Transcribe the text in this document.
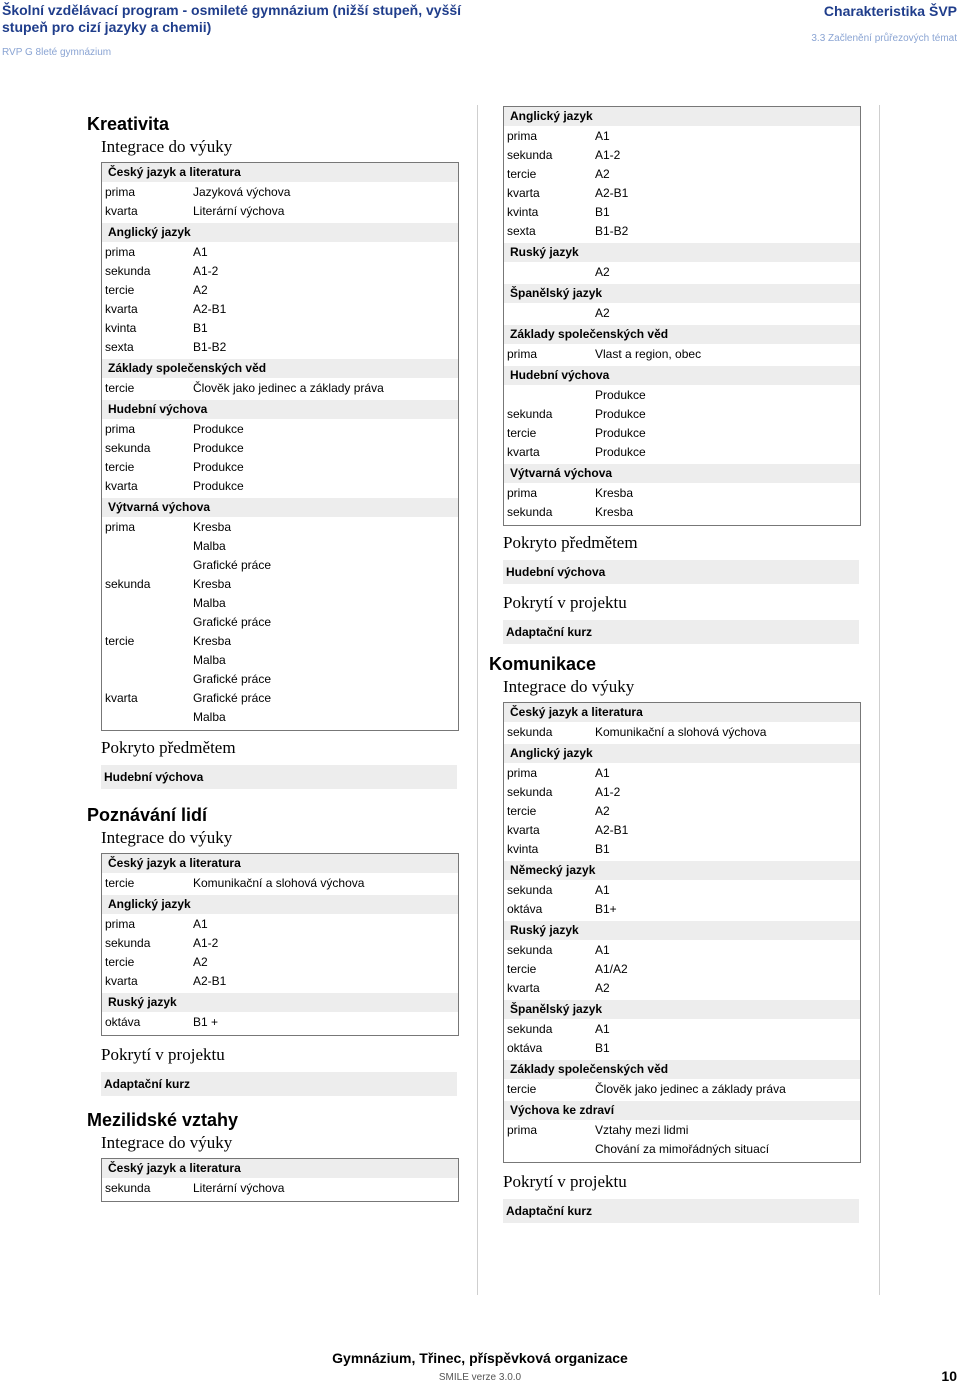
Školní vzdělávací program - osmileté gymnázium (nižší stupeň, vyšší stupeň pro cizí jazyky a chemii)
Charakteristika ŠVP
3.3 Začlenění průřezových témat
RVP G 8leté gymnázium
Kreativita
Integrace do výuky
Český jazyk a literatura
prima	Jazyková výchova
kvarta	Literární výchova
Anglický jazyk
prima	A1
sekunda	A1-2
tercie	A2
kvarta	A2-B1
kvinta	B1
sexta	B1-B2
Základy společenských věd
tercie	Člověk jako jedinec a základy práva
Hudební výchova
prima	Produkce
sekunda	Produkce
tercie	Produkce
kvarta	Produkce
Výtvarná výchova
prima	Kresba
Malba
Grafické práce
sekunda	Kresba
Malba
Grafické práce
tercie	Kresba
Malba
Grafické práce
kvarta	Grafické práce
Malba
Pokryto předmětem
Hudební výchova
Poznávání lidí
Integrace do výuky
Český jazyk a literatura
tercie	Komunikační a slohová výchova
Anglický jazyk
prima	A1
sekunda	A1-2
tercie	A2
kvarta	A2-B1
Ruský jazyk
oktáva	B1 +
Pokrytí v projektu
Adaptační kurz
Mezilidské vztahy
Integrace do výuky
Český jazyk a literatura
sekunda	Literární výchova
Anglický jazyk
prima	A1
sekunda	A1-2
tercie	A2
kvarta	A2-B1
kvinta	B1
sexta	B1-B2
Ruský jazyk
A2
Španělský jazyk
A2
Základy společenských věd
prima	Vlast a region, obec
Hudební výchova
Produkce
sekunda	Produkce
tercie	Produkce
kvarta	Produkce
Výtvarná výchova
prima	Kresba
sekunda	Kresba
Pokryto předmětem
Hudební výchova
Pokrytí v projektu
Adaptační kurz
Komunikace
Integrace do výuky
Český jazyk a literatura
sekunda	Komunikační a slohová výchova
Anglický jazyk
prima	A1
sekunda	A1-2
tercie	A2
kvarta	A2-B1
kvinta	B1
Německý jazyk
sekunda	A1
oktáva	B1+
Ruský jazyk
sekunda	A1
tercie	A1/A2
kvarta	A2
Španělský jazyk
sekunda	A1
oktáva	B1
Základy společenských věd
tercie	Člověk jako jedinec a základy práva
Výchova ke zdraví
prima	Vztahy mezi lidmi
Chování za mimořádných situací
Pokrytí v projektu
Adaptační kurz
Gymnázium, Třinec, příspěvková organizace
SMILE verze 3.0.0	10
